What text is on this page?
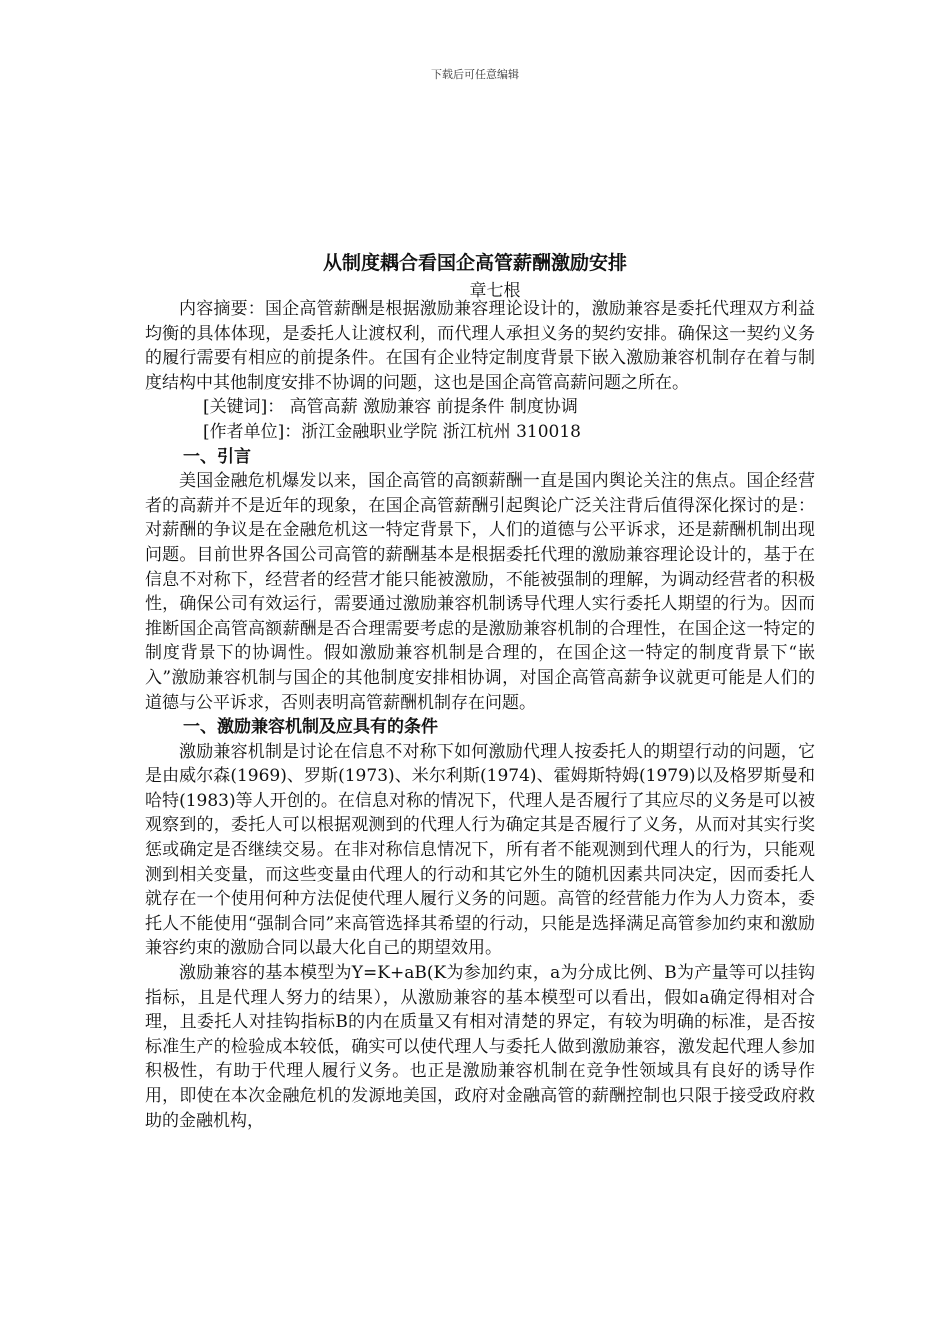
下载后可任意编辑
从制度耦合看国企高管薪酬激励安排
章七根

内容摘要：国企高管薪酬是根据激励兼容理论设计的，激励兼容是委托代理双方利益均衡的具体体现，是委托人让渡权利，而代理人承担义务的契约安排。确保这一契约义务的履行需要有相应的前提条件。在国有企业特定制度背景下嵌入激励兼容机制存在着与制度结构中其他制度安排不协调的问题，这也是国企高管高薪问题之所在。

[关键词]： 高管高薪 激励兼容 前提条件 制度协调

[作者单位]：浙江金融职业学院 浙江杭州 310018

一、引言

美国金融危机爆发以来，国企高管的高额薪酬一直是国内舆论关注的焦点。国企经营者的高薪并不是近年的现象，在国企高管薪酬引起舆论广泛关注背后值得深化探讨的是：对薪酬的争议是在金融危机这一特定背景下，人们的道德与公平诉求，还是薪酬机制出现问题。目前世界各国公司高管的薪酬基本是根据委托代理的激励兼容理论设计的，基于在信息不对称下，经营者的经营才能只能被激励，不能被强制的理解，为调动经营者的积极性，确保公司有效运行，需要通过激励兼容机制诱导代理人实行委托人期望的行为。因而推断国企高管高额薪酬是否合理需要考虑的是激励兼容机制的合理性，在国企这一特定的制度背景下的协调性。假如激励兼容机制是合理的，在国企这一特定的制度背景下“嵌入”激励兼容机制与国企的其他制度安排相协调，对国企高管高薪争议就更可能是人们的道德与公平诉求，否则表明高管薪酬机制存在问题。

一、激励兼容机制及应具有的条件

激励兼容机制是讨论在信息不对称下如何激励代理人按委托人的期望行动的问题，它是由威尔森(1969)、罗斯(1973)、米尔利斯(1974)、霍姆斯特姆(1979)以及格罗斯曼和哈特(1983)等人开创的。在信息对称的情况下，代理人是否履行了其应尽的义务是可以被观察到的，委托人可以根据观测到的代理人行为确定其是否履行了义务，从而对其实行奖惩或确定是否继续交易。在非对称信息情况下，所有者不能观测到代理人的行为，只能观测到相关变量，而这些变量由代理人的行动和其它外生的随机因素共同决定，因而委托人就存在一个使用何种方法促使代理人履行义务的问题。高管的经营能力作为人力资本，委托人不能使用“强制合同”来高管选择其希望的行动，只能是选择满足高管参加约束和激励兼容约束的激励合同以最大化自己的期望效用。

激励兼容的基本模型为Y=K+aB(K为参加约束，a为分成比例、B为产量等可以挂钩指标，且是代理人努力的结果），从激励兼容的基本模型可以看出，假如a确定得相对合理，且委托人对挂钩指标B的内在质量又有相对清楚的界定，有较为明确的标准，是否按标准生产的检验成本较低，确实可以使代理人与委托人做到激励兼容，激发起代理人参加积极性，有助于代理人履行义务。也正是激励兼容机制在竞争性领域具有良好的诱导作用，即使在本次金融危机的发源地美国，政府对金融高管的薪酬控制也只限于接受政府救助的金融机构，
